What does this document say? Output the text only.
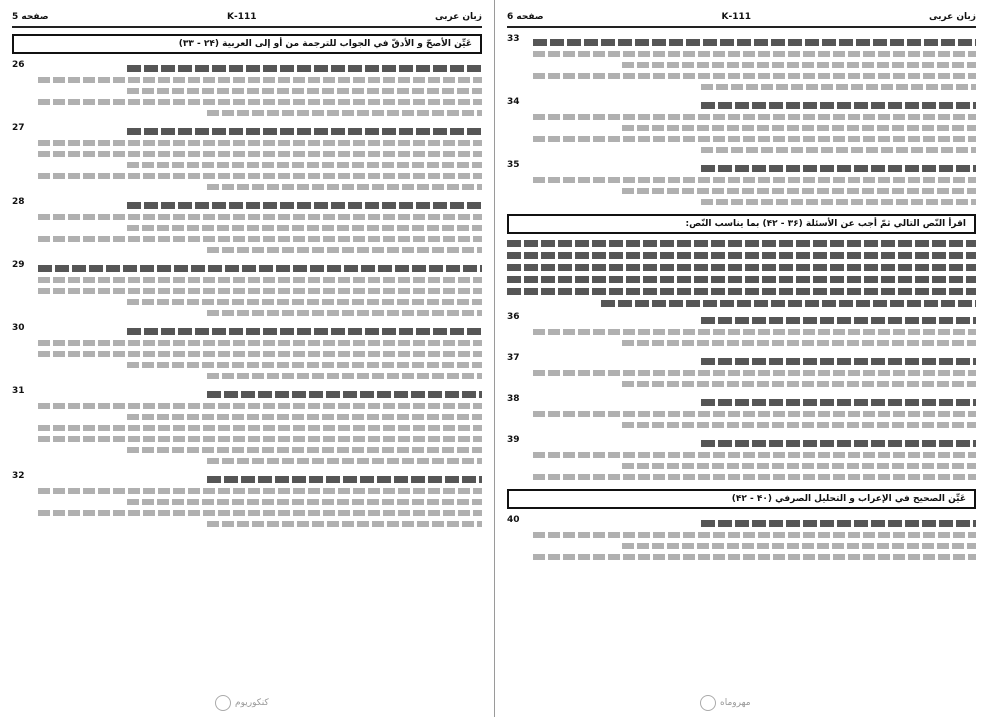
زبان عربی
111-K
صفحه 5
عَیِّن الأصحّ و الأدقّ في الجواب للترجمة من أو إلى العربية (۲۴ - ۳۳)
26
27
28
29
30
31
32
کنکوریوم
زبان عربی
111-K
صفحه 6
33
34
35
اقرأ النّص التالي ثمّ أجب عن الأسئلة (۳۶ - ۴۲) بما يناسب النّص:
36
37
38
39
عَیِّن الصحيح في الإعراب و التحليل الصرفي (۴۰ - ۴۲)
40
مهروماه
